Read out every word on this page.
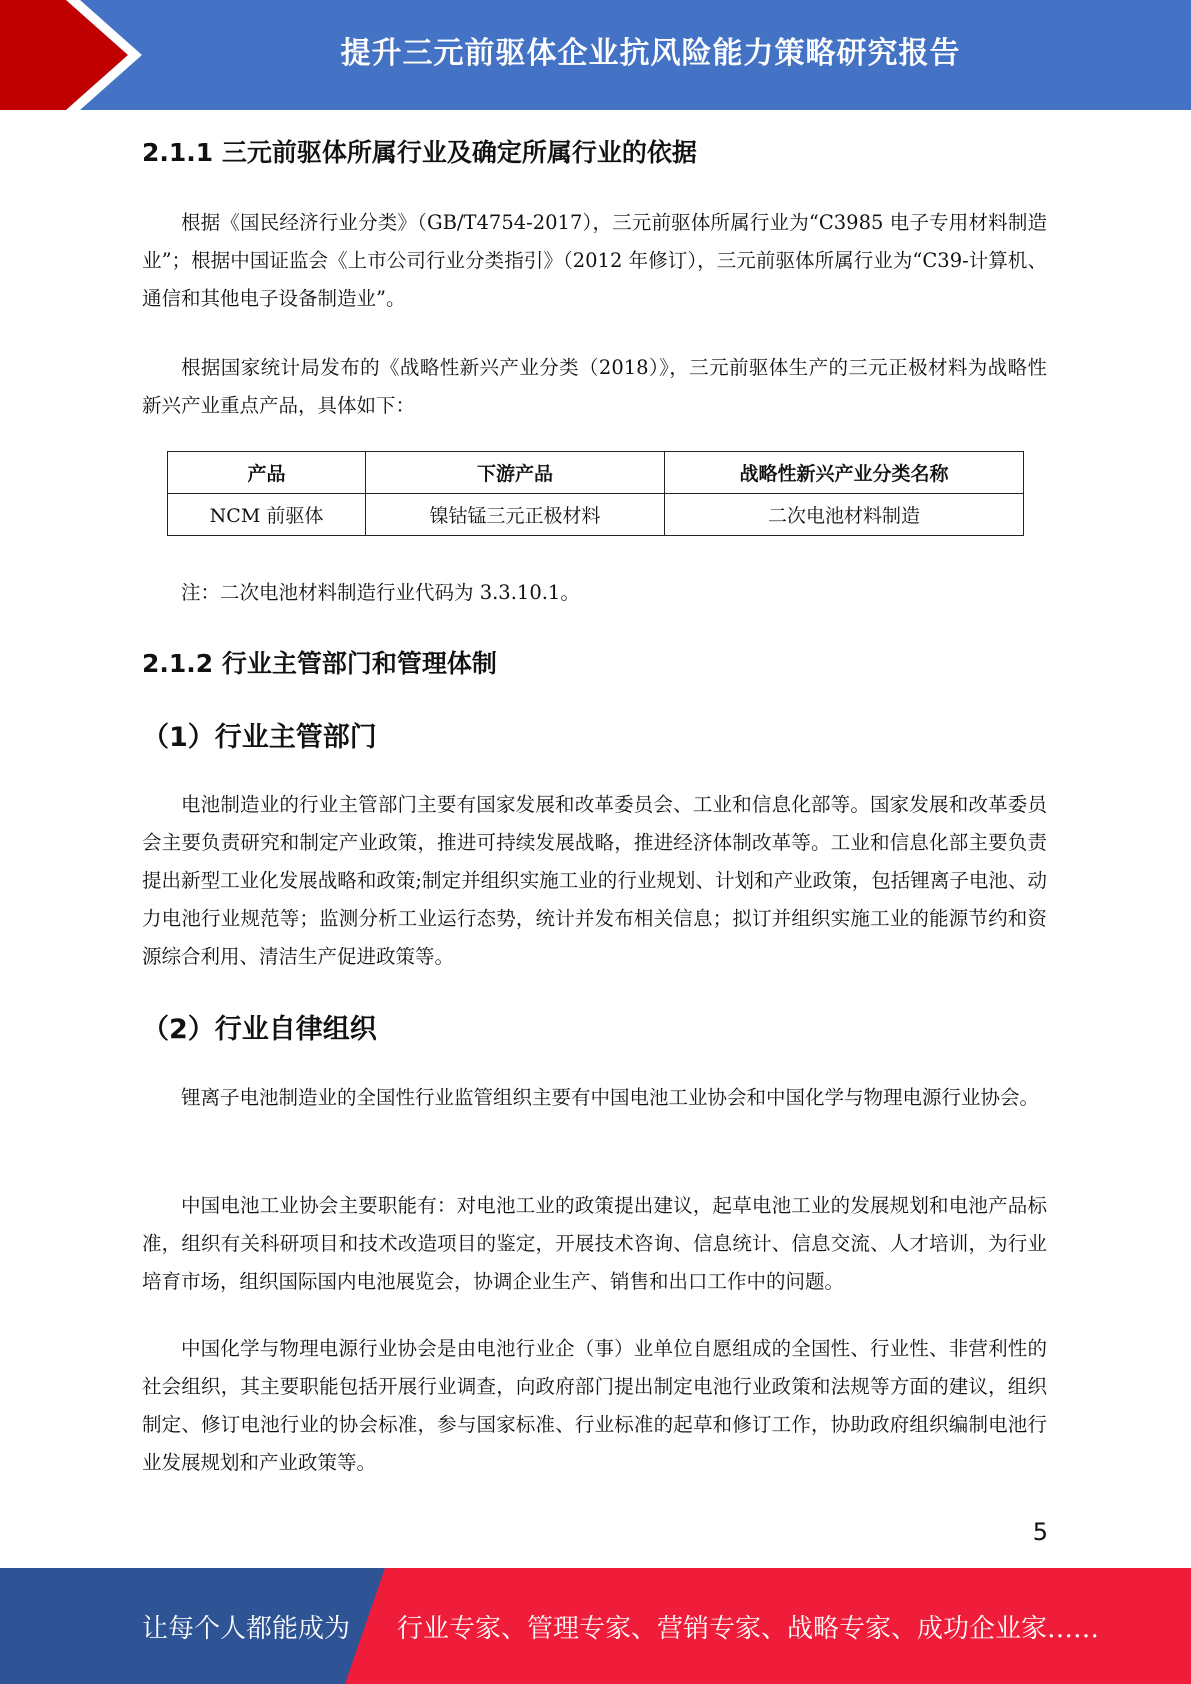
提升三元前驱体企业抗风险能力策略研究报告
2.1.1 三元前驱体所属行业及确定所属行业的依据
根据《国民经济行业分类》（GB/T4754-2017），三元前驱体所属行业为“C3985 电子专用材料制造业”；根据中国证监会《上市公司行业分类指引》（2012 年修订），三元前驱体所属行业为“C39-计算机、通信和其他电子设备制造业”。
根据国家统计局发布的《战略性新兴产业分类（2018）》，三元前驱体生产的三元正极材料为战略性新兴产业重点产品，具体如下：
产品	下游产品	战略性新兴产业分类名称
NCM 前驱体	镍钴锰三元正极材料	二次电池材料制造
注：二次电池材料制造行业代码为 3.3.10.1。
2.1.2 行业主管部门和管理体制
（1）行业主管部门
电池制造业的行业主管部门主要有国家发展和改革委员会、工业和信息化部等。国家发展和改革委员会主要负责研究和制定产业政策，推进可持续发展战略，推进经济体制改革等。工业和信息化部主要负责提出新型工业化发展战略和政策;制定并组织实施工业的行业规划、计划和产业政策，包括锂离子电池、动力电池行业规范等；监测分析工业运行态势，统计并发布相关信息；拟订并组织实施工业的能源节约和资源综合利用、清洁生产促进政策等。
（2）行业自律组织
锂离子电池制造业的全国性行业监管组织主要有中国电池工业协会和中国化学与物理电源行业协会。
中国电池工业协会主要职能有：对电池工业的政策提出建议，起草电池工业的发展规划和电池产品标准，组织有关科研项目和技术改造项目的鉴定，开展技术咨询、信息统计、信息交流、人才培训，为行业培育市场，组织国际国内电池展览会，协调企业生产、销售和出口工作中的问题。
中国化学与物理电源行业协会是由电池行业企（事）业单位自愿组成的全国性、行业性、非营利性的社会组织，其主要职能包括开展行业调查，向政府部门提出制定电池行业政策和法规等方面的建议，组织制定、修订电池行业的协会标准，参与国家标准、行业标准的起草和修订工作，协助政府组织编制电池行业发展规划和产业政策等。
5
让每个人都能成为 行业专家、管理专家、营销专家、战略专家、成功企业家……
